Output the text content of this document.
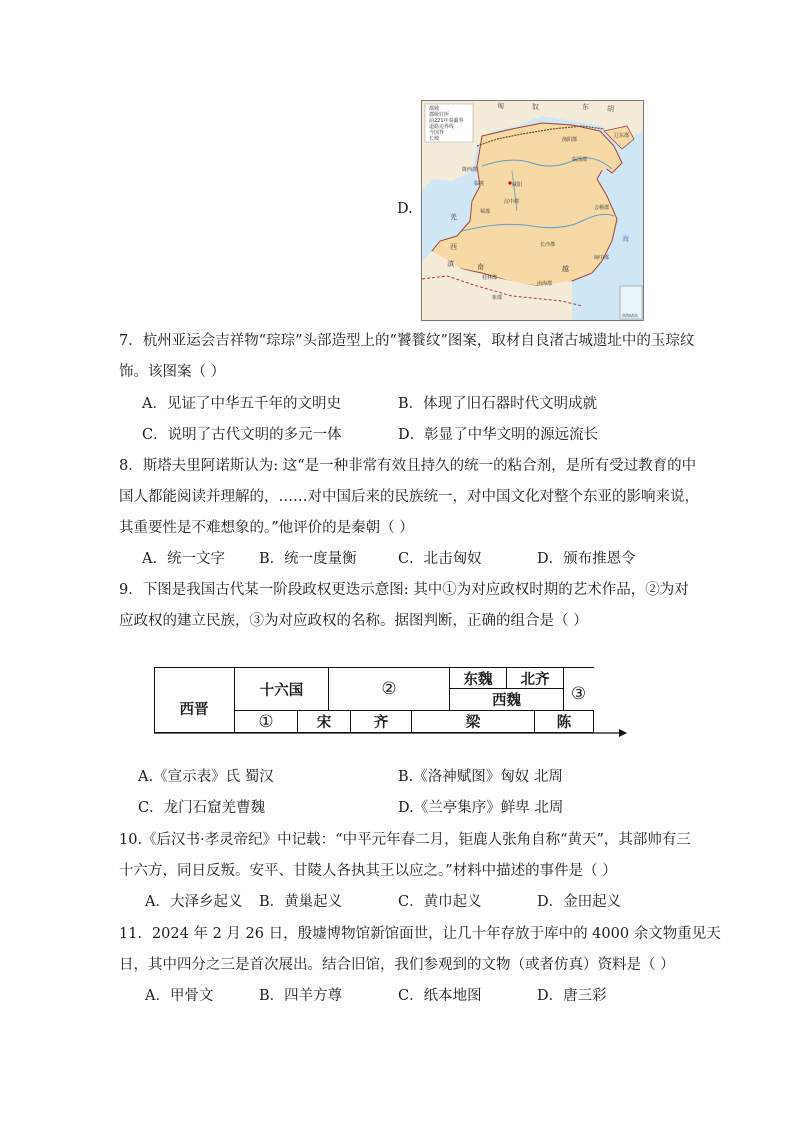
D.
都城
郡级驻所
前221年秦疆界
道路边界线
今国界
长城
匈	奴	东	胡
辽东郡
渔阳郡
临淄郡
咸阳
陇西郡
临洮
汉中郡
蜀郡
羌
会稽郡
长沙郡
闽中郡
西
南
滇
桂林郡
南海郡
象郡
越
海
南海诸岛
7．杭州亚运会吉祥物“琮琮”头部造型上的“饕餮纹”图案，取材自良渚古城遗址中的玉琮纹
饰。该图案（ ）
A．见证了中华五千年的文明史	B．体现了旧石器时代文明成就
C．说明了古代文明的多元一体	D．彰显了中华文明的源远流长
8．斯塔夫里阿诺斯认为: 这“是一种非常有效且持久的统一的粘合剂，是所有受过教育的中
国人都能阅读并理解的，……对中国后来的民族统一，对中国文化对整个东亚的影响来说，
其重要性是不难想象的。”他评价的是秦朝（ ）
A．统一文字 B．统一度量衡	C．北击匈奴	D．颁布推恩令
9．下图是我国古代某一阶段政权更迭示意图: 其中①为对应政权时期的艺术作品，②为对
应政权的建立民族，③为对应政权的名称。据图判断，正确的组合是（ ）
西晋
十六国	②	东魏	北齐
西魏	③
①	宋	齐	梁	陈
A.《宣示表》氏 蜀汉	B.《洛神赋图》匈奴 北周
C．龙门石窟羌曹魏	D.《兰亭集序》鲜卑 北周
10.《后汉书·孝灵帝纪》中记载：“中平元年春二月，钜鹿人张角自称“黄天”，其部帅有三
十六方，同日反叛。安平、甘陵人各执其王以应之。”材料中描述的事件是（ ）
A．大泽乡起义 B．黄巢起义	C．黄巾起义	D．金田起义
11．2024 年 2 月 26 日，殷墟博物馆新馆面世，让几十年存放于库中的 4000 余文物重见天
日，其中四分之三是首次展出。结合旧馆，我们参观到的文物（或者仿真）资料是（ ）
A．甲骨文	B．四羊方尊	C．纸本地图	D．唐三彩
